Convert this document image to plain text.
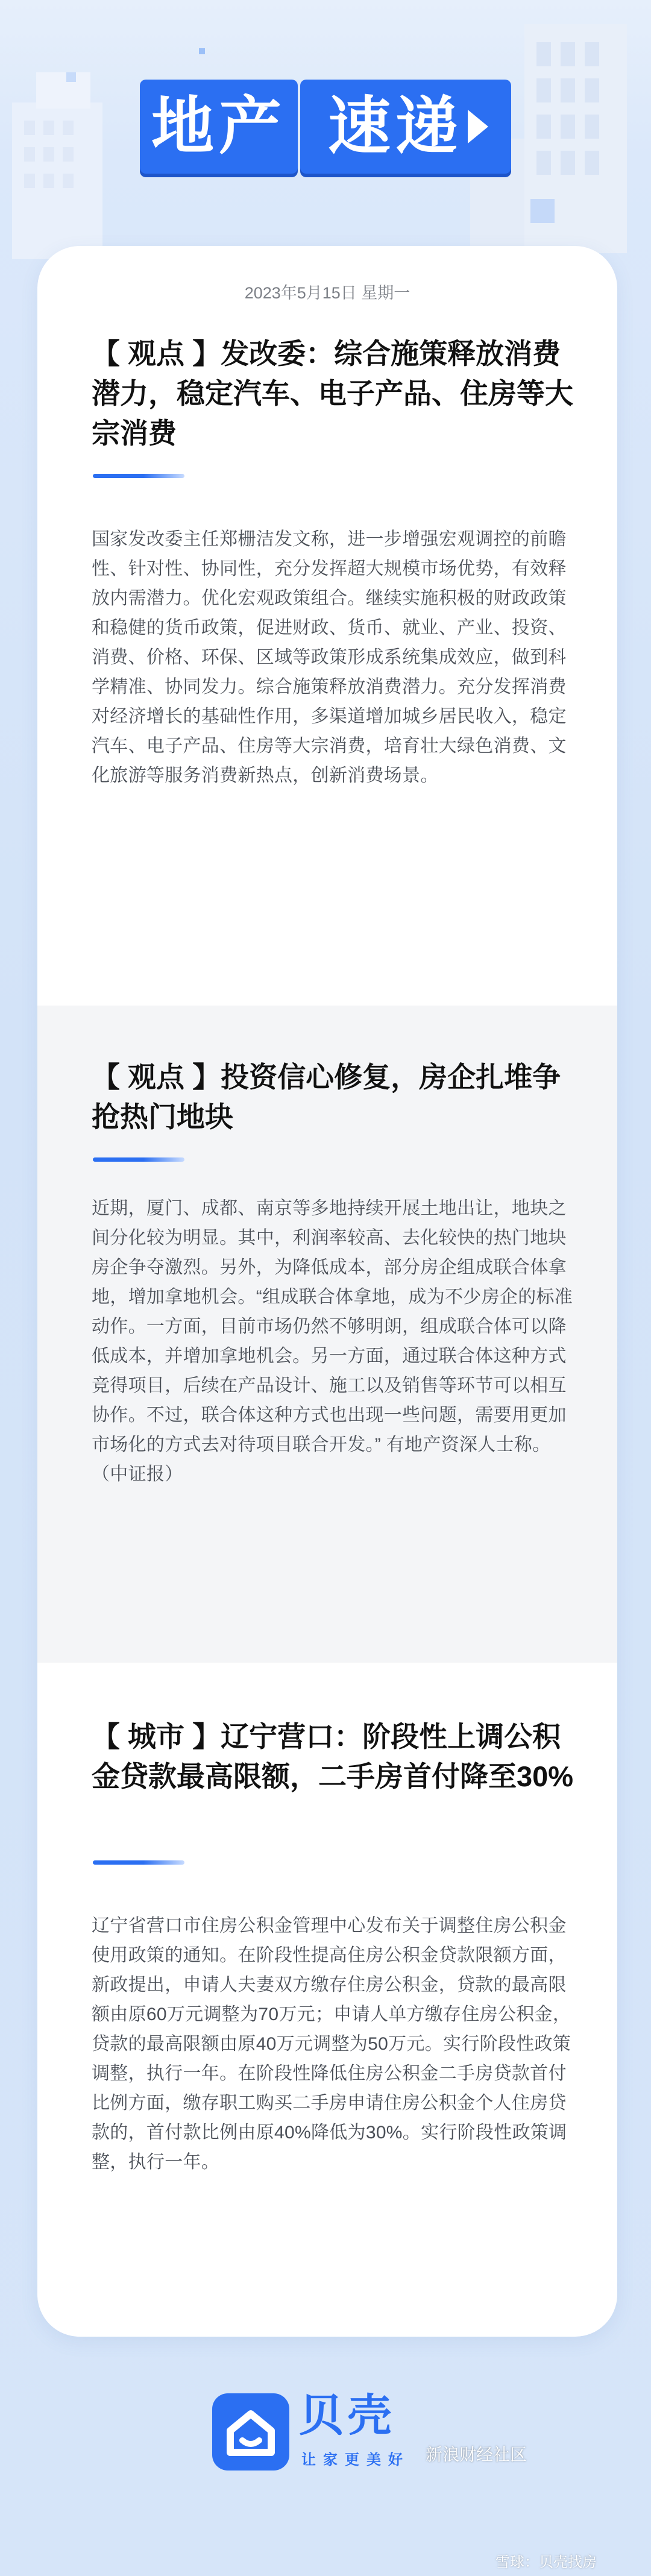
地产 速递
2023年5月15日 星期一
【 观点 】发改委：综合施策释放消费潜力，稳定汽车、电子产品、住房等大宗消费
国家发改委主任郑栅洁发文称，进一步增强宏观调控的前瞻性、针对性、协同性，充分发挥超大规模市场优势，有效释放内需潜力。优化宏观政策组合。继续实施积极的财政政策和稳健的货币政策，促进财政、货币、就业、产业、投资、消费、价格、环保、区域等政策形成系统集成效应，做到科学精准、协同发力。综合施策释放消费潜力。充分发挥消费对经济增长的基础性作用，多渠道增加城乡居民收入，稳定汽车、电子产品、住房等大宗消费，培育壮大绿色消费、文化旅游等服务消费新热点，创新消费场景。
【 观点 】投资信心修复，房企扎堆争抢热门地块
近期，厦门、成都、南京等多地持续开展土地出让，地块之间分化较为明显。其中，利润率较高、去化较快的热门地块房企争夺激烈。另外，为降低成本，部分房企组成联合体拿地，增加拿地机会。“组成联合体拿地，成为不少房企的标准动作。一方面，目前市场仍然不够明朗，组成联合体可以降低成本，并增加拿地机会。另一方面，通过联合体这种方式竞得项目，后续在产品设计、施工以及销售等环节可以相互协作。不过，联合体这种方式也出现一些问题，需要用更加市场化的方式去对待项目联合开发。” 有地产资深人士称。（中证报）
【 城市 】辽宁营口：阶段性上调公积金贷款最高限额，二手房首付降至30%
辽宁省营口市住房公积金管理中心发布关于调整住房公积金使用政策的通知。在阶段性提高住房公积金贷款限额方面，新政提出，申请人夫妻双方缴存住房公积金，贷款的最高限额由原60万元调整为70万元；申请人单方缴存住房公积金，贷款的最高限额由原40万元调整为50万元。实行阶段性政策调整，执行一年。在阶段性降低住房公积金二手房贷款首付比例方面，缴存职工购买二手房申请住房公积金个人住房贷款的，首付款比例由原40%降低为30%。实行阶段性政策调整，执行一年。
贝壳
让家更美好 新浪财经社区
雪球：贝壳找房
